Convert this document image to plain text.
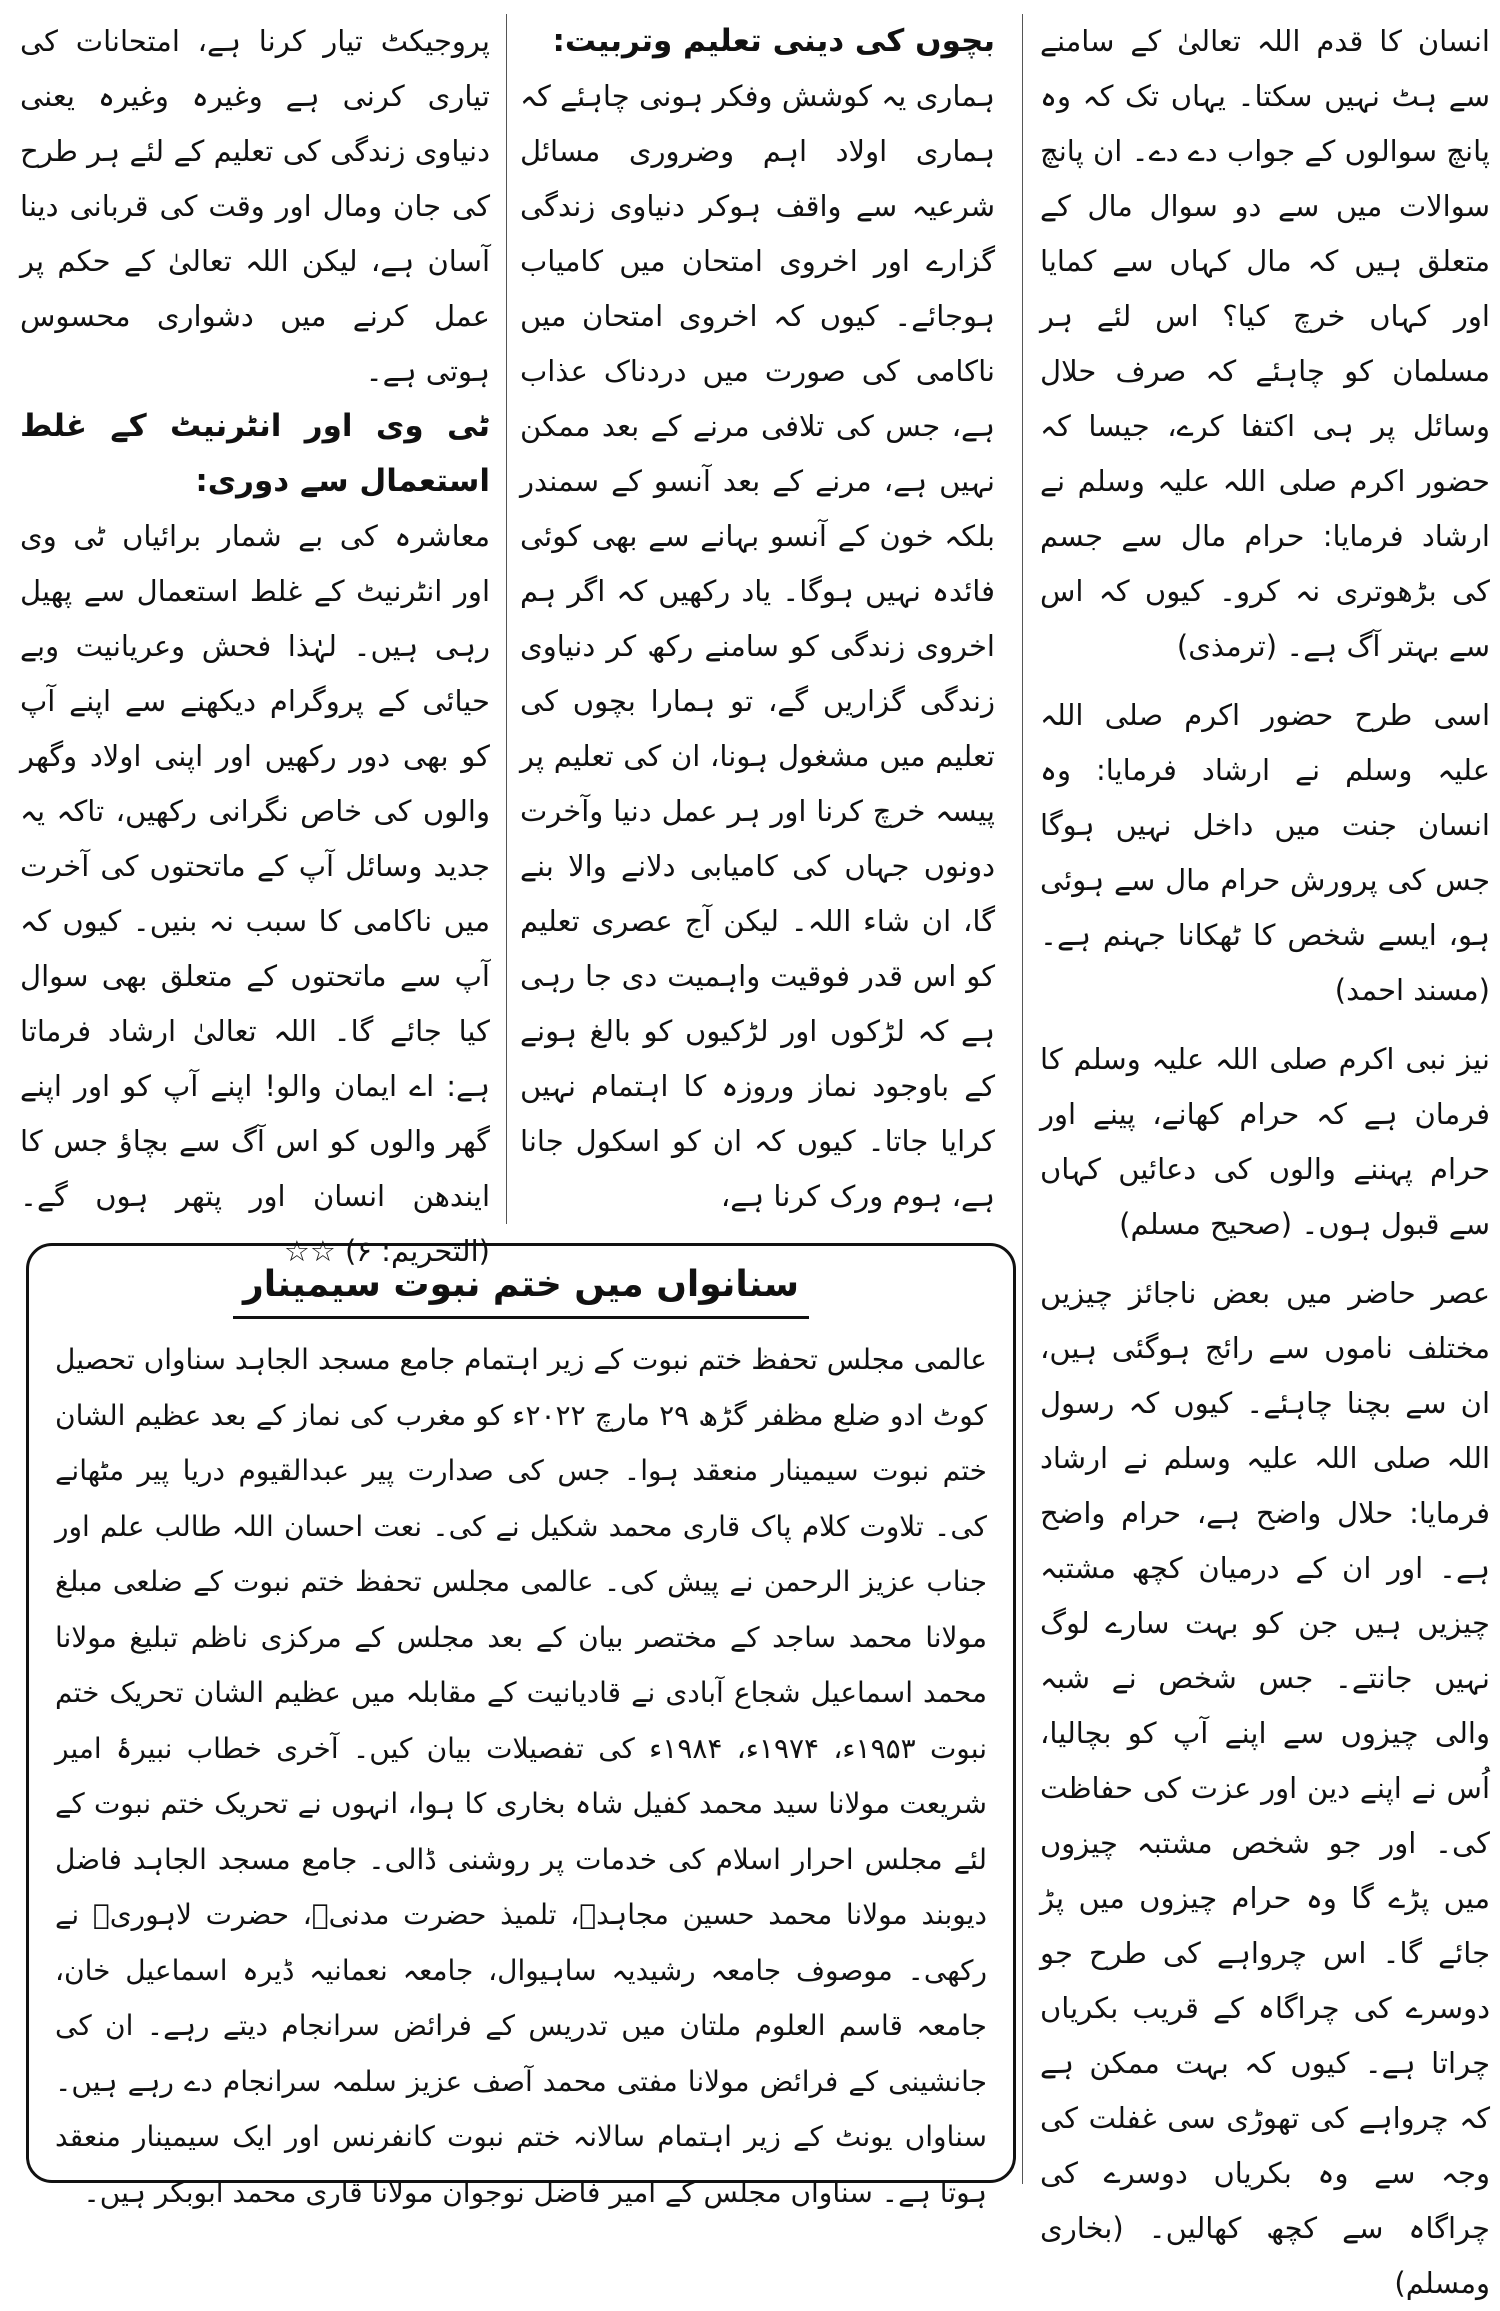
انسان کا قدم اللہ تعالیٰ کے سامنے سے ہٹ نہیں سکتا۔ یہاں تک کہ وہ پانچ سوالوں کے جواب دے دے۔ ان پانچ سوالات میں سے دو سوال مال کے متعلق ہیں کہ مال کہاں سے کمایا اور کہاں خرچ کیا؟ اس لئے ہر مسلمان کو چاہئے کہ صرف حلال وسائل پر ہی اکتفا کرے، جیسا کہ حضور اکرم صلی اللہ علیہ وسلم نے ارشاد فرمایا: حرام مال سے جسم کی بڑھوتری نہ کرو۔ کیوں کہ اس سے بہتر آگ ہے۔ (ترمذی)

اسی طرح حضور اکرم صلی اللہ علیہ وسلم نے ارشاد فرمایا: وہ انسان جنت میں داخل نہیں ہوگا جس کی پرورش حرام مال سے ہوئی ہو، ایسے شخص کا ٹھکانا جہنم ہے۔ (مسند احمد)

نیز نبی اکرم صلی اللہ علیہ وسلم کا فرمان ہے کہ حرام کھانے، پینے اور حرام پہننے والوں کی دعائیں کہاں سے قبول ہوں۔ (صحیح مسلم)

عصر حاضر میں بعض ناجائز چیزیں مختلف ناموں سے رائج ہوگئی ہیں، ان سے بچنا چاہئے۔ کیوں کہ رسول اللہ صلی اللہ علیہ وسلم نے ارشاد فرمایا: حلال واضح ہے، حرام واضح ہے۔ اور ان کے درمیان کچھ مشتبہ چیزیں ہیں جن کو بہت سارے لوگ نہیں جانتے۔ جس شخص نے شبہ والی چیزوں سے اپنے آپ کو بچالیا، اُس نے اپنے دین اور عزت کی حفاظت کی۔ اور جو شخص مشتبہ چیزوں میں پڑے گا وہ حرام چیزوں میں پڑ جائے گا۔ اس چرواہے کی طرح جو دوسرے کی چراگاہ کے قریب بکریاں چراتا ہے۔ کیوں کہ بہت ممکن ہے کہ چرواہے کی تھوڑی سی غفلت کی وجہ سے وہ بکریاں دوسرے کی چراگاہ سے کچھ کھالیں۔ (بخاری ومسلم)

بچوں کی دینی تعلیم وتربیت:

ہماری یہ کوشش وفکر ہونی چاہئے کہ ہماری اولاد اہم وضروری مسائل شرعیہ سے واقف ہوکر دنیاوی زندگی گزارے اور اخروی امتحان میں کامیاب ہوجائے۔ کیوں کہ اخروی امتحان میں ناکامی کی صورت میں دردناک عذاب ہے، جس کی تلافی مرنے کے بعد ممکن نہیں ہے، مرنے کے بعد آنسو کے سمندر بلکہ خون کے آنسو بہانے سے بھی کوئی فائدہ نہیں ہوگا۔ یاد رکھیں کہ اگر ہم اخروی زندگی کو سامنے رکھ کر دنیاوی زندگی گزاریں گے، تو ہمارا بچوں کی تعلیم میں مشغول ہونا، ان کی تعلیم پر پیسہ خرچ کرنا اور ہر عمل دنیا وآخرت دونوں جہاں کی کامیابی دلانے والا بنے گا، ان شاء اللہ۔ لیکن آج عصری تعلیم کو اس قدر فوقیت واہمیت دی جا رہی ہے کہ لڑکوں اور لڑکیوں کو بالغ ہونے کے باوجود نماز وروزہ کا اہتمام نہیں کرایا جاتا۔ کیوں کہ ان کو اسکول جانا ہے، ہوم ورک کرنا ہے،

پروجیکٹ تیار کرنا ہے، امتحانات کی تیاری کرنی ہے وغیرہ وغیرہ یعنی دنیاوی زندگی کی تعلیم کے لئے ہر طرح کی جان ومال اور وقت کی قربانی دینا آسان ہے، لیکن اللہ تعالیٰ کے حکم پر عمل کرنے میں دشواری محسوس ہوتی ہے۔

ٹی وی اور انٹرنیٹ کے غلط استعمال سے دوری:

معاشرہ کی بے شمار برائیاں ٹی وی اور انٹرنیٹ کے غلط استعمال سے پھیل رہی ہیں۔ لہٰذا فحش وعریانیت وبے حیائی کے پروگرام دیکھنے سے اپنے آپ کو بھی دور رکھیں اور اپنی اولاد وگھر والوں کی خاص نگرانی رکھیں، تاکہ یہ جدید وسائل آپ کے ماتحتوں کی آخرت میں ناکامی کا سبب نہ بنیں۔ کیوں کہ آپ سے ماتحتوں کے متعلق بھی سوال کیا جائے گا۔ اللہ تعالیٰ ارشاد فرماتا ہے: اے ایمان والو! اپنے آپ کو اور اپنے گھر والوں کو اس آگ سے بچاؤ جس کا ایندھن انسان اور پتھر ہوں گے۔ (التحریم: ۶) ☆☆

سنانواں میں ختم نبوت سیمینار

عالمی مجلس تحفظ ختم نبوت کے زیر اہتمام جامع مسجد الجاہد سناواں تحصیل کوٹ ادو ضلع مظفر گڑھ ۲۹ مارچ ۲۰۲۲ء کو مغرب کی نماز کے بعد عظیم الشان ختم نبوت سیمینار منعقد ہوا۔ جس کی صدارت پیر عبدالقیوم دریا پیر مٹھانے کی۔ تلاوت کلام پاک قاری محمد شکیل نے کی۔ نعت احسان اللہ طالب علم اور جناب عزیز الرحمن نے پیش کی۔ عالمی مجلس تحفظ ختم نبوت کے ضلعی مبلغ مولانا محمد ساجد کے مختصر بیان کے بعد مجلس کے مرکزی ناظم تبلیغ مولانا محمد اسماعیل شجاع آبادی نے قادیانیت کے مقابلہ میں عظیم الشان تحریک ختم نبوت ۱۹۵۳ء، ۱۹۷۴ء، ۱۹۸۴ء کی تفصیلات بیان کیں۔ آخری خطاب نبیرۂ امیر شریعت مولانا سید محمد کفیل شاہ بخاری کا ہوا، انہوں نے تحریک ختم نبوت کے لئے مجلس احرار اسلام کی خدمات پر روشنی ڈالی۔ جامع مسجد الجاہد فاضل دیوبند مولانا محمد حسین مجاہدؒ، تلمیذ حضرت مدنیؒ، حضرت لاہوریؒ نے رکھی۔ موصوف جامعہ رشیدیہ ساہیوال، جامعہ نعمانیہ ڈیرہ اسماعیل خان، جامعہ قاسم العلوم ملتان میں تدریس کے فرائض سرانجام دیتے رہے۔ ان کی جانشینی کے فرائض مولانا مفتی محمد آصف عزیز سلمہ سرانجام دے رہے ہیں۔ سناواں یونٹ کے زیر اہتمام سالانہ ختم نبوت کانفرنس اور ایک سیمینار منعقد ہوتا ہے۔ سناواں مجلس کے امیر فاضل نوجوان مولانا قاری محمد ابوبکر ہیں۔
